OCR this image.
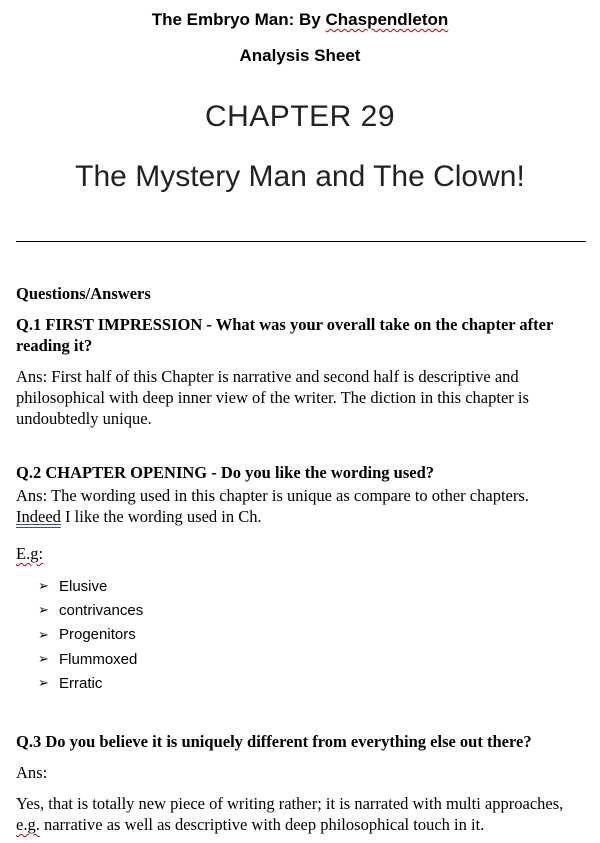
The Embryo Man: By Chaspendleton
Analysis Sheet
CHAPTER 29
The Mystery Man and The Clown!
Questions/Answers
Q.1 FIRST IMPRESSION - What was your overall take on the chapter after reading it?
Ans: First half of this Chapter is narrative and second half is descriptive and philosophical with deep inner view of the writer. The diction in this chapter is undoubtedly unique.
Q.2 CHAPTER OPENING - Do you like the wording used?
Ans: The wording used in this chapter is unique as compare to other chapters.
Indeed I like the wording used in Ch.
E.g:
➢ Elusive
➢ contrivances
➢ Progenitors
➢ Flummoxed
➢ Erratic
Q.3 Do you believe it is uniquely different from everything else out there?
Ans:
Yes, that is totally new piece of writing rather; it is narrated with multi approaches,
e.g. narrative as well as descriptive with deep philosophical touch in it.
